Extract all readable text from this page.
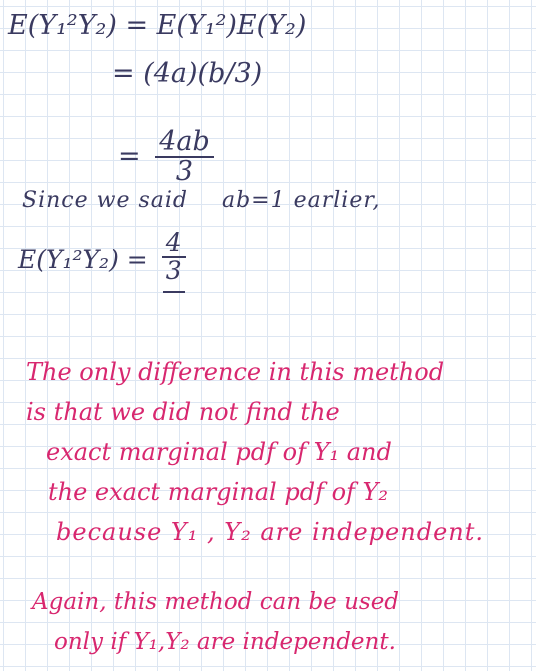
E(Y₁²Y₂) = E(Y₁²)E(Y₂)
= (4a)(b/3)
= $\frac{4ab}{3}$
Since we said ab=1 earlier,
$E(Y_1^2Y_2) = \frac{4}{3}$
The only difference in this method
is that we did not find the
exact marginal pdf of Y₁ and
the exact marginal pdf of Y₂
because Y₁ , Y₂ are independent.
Again, this method can be used
only if Y₁,Y₂ are independent.
